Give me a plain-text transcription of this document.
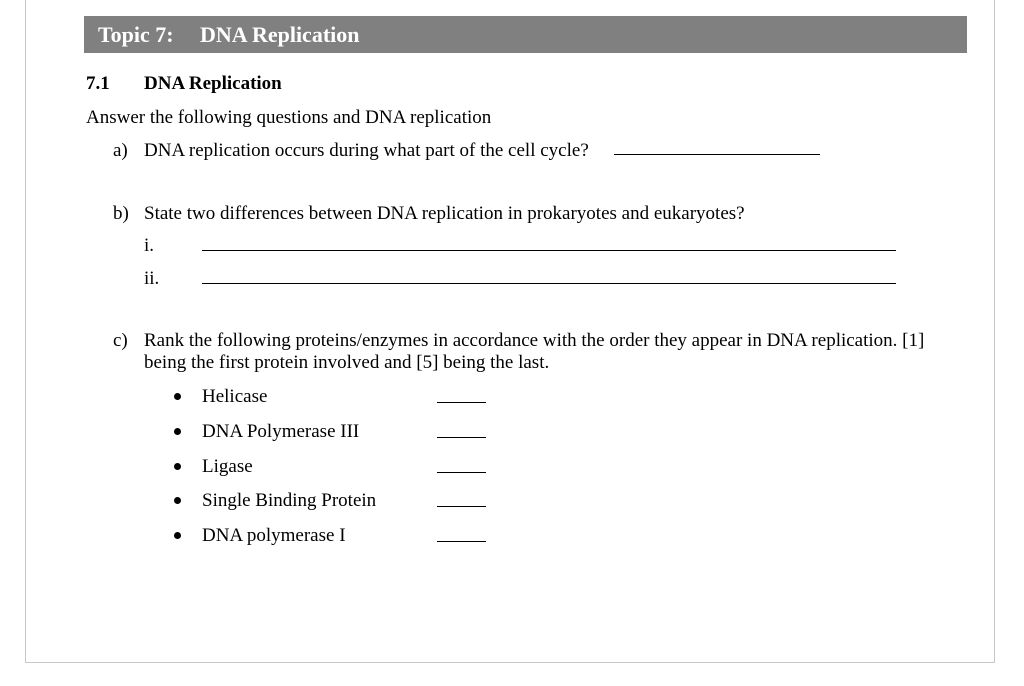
Topic 7: DNA Replication
7.1 DNA Replication
Answer the following questions and DNA replication
a) DNA replication occurs during what part of the cell cycle?
b) State two differences between DNA replication in prokaryotes and eukaryotes?
i.
ii.
c) Rank the following proteins/enzymes in accordance with the order they appear in DNA replication. [1]
being the first protein involved and [5] being the last.
Helicase
DNA Polymerase III
Ligase
Single Binding Protein
DNA polymerase I
